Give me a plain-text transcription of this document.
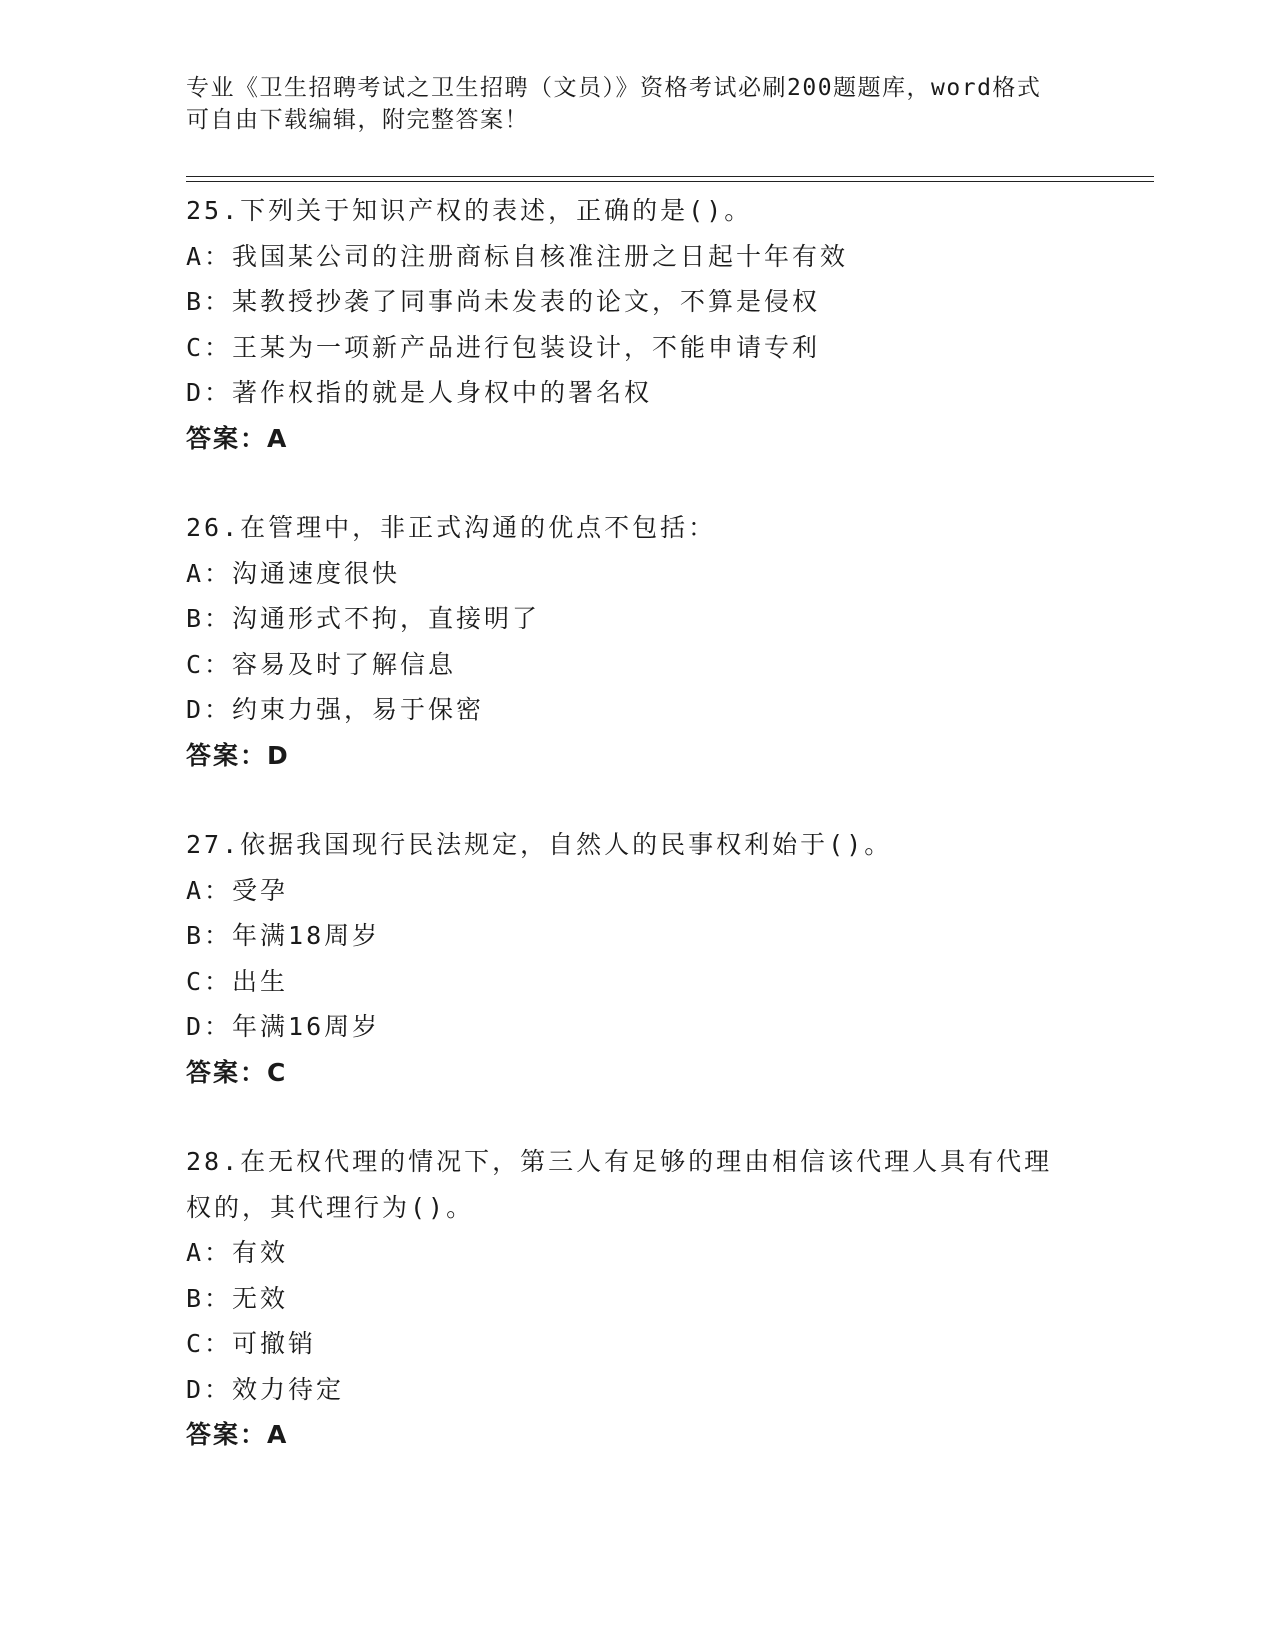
专业《卫生招聘考试之卫生招聘（文员）》资格考试必刷200题题库，word格式
可自由下载编辑，附完整答案！
25.下列关于知识产权的表述，正确的是()。
A：我国某公司的注册商标自核准注册之日起十年有效
B：某教授抄袭了同事尚未发表的论文，不算是侵权
C：王某为一项新产品进行包装设计，不能申请专利
D：著作权指的就是人身权中的署名权
答案：A
26.在管理中，非正式沟通的优点不包括：
A：沟通速度很快
B：沟通形式不拘，直接明了
C：容易及时了解信息
D：约束力强，易于保密
答案：D
27.依据我国现行民法规定，自然人的民事权利始于()。
A：受孕
B：年满18周岁
C：出生
D：年满16周岁
答案：C
28.在无权代理的情况下，第三人有足够的理由相信该代理人具有代理
权的，其代理行为()。
A：有效
B：无效
C：可撤销
D：效力待定
答案：A
